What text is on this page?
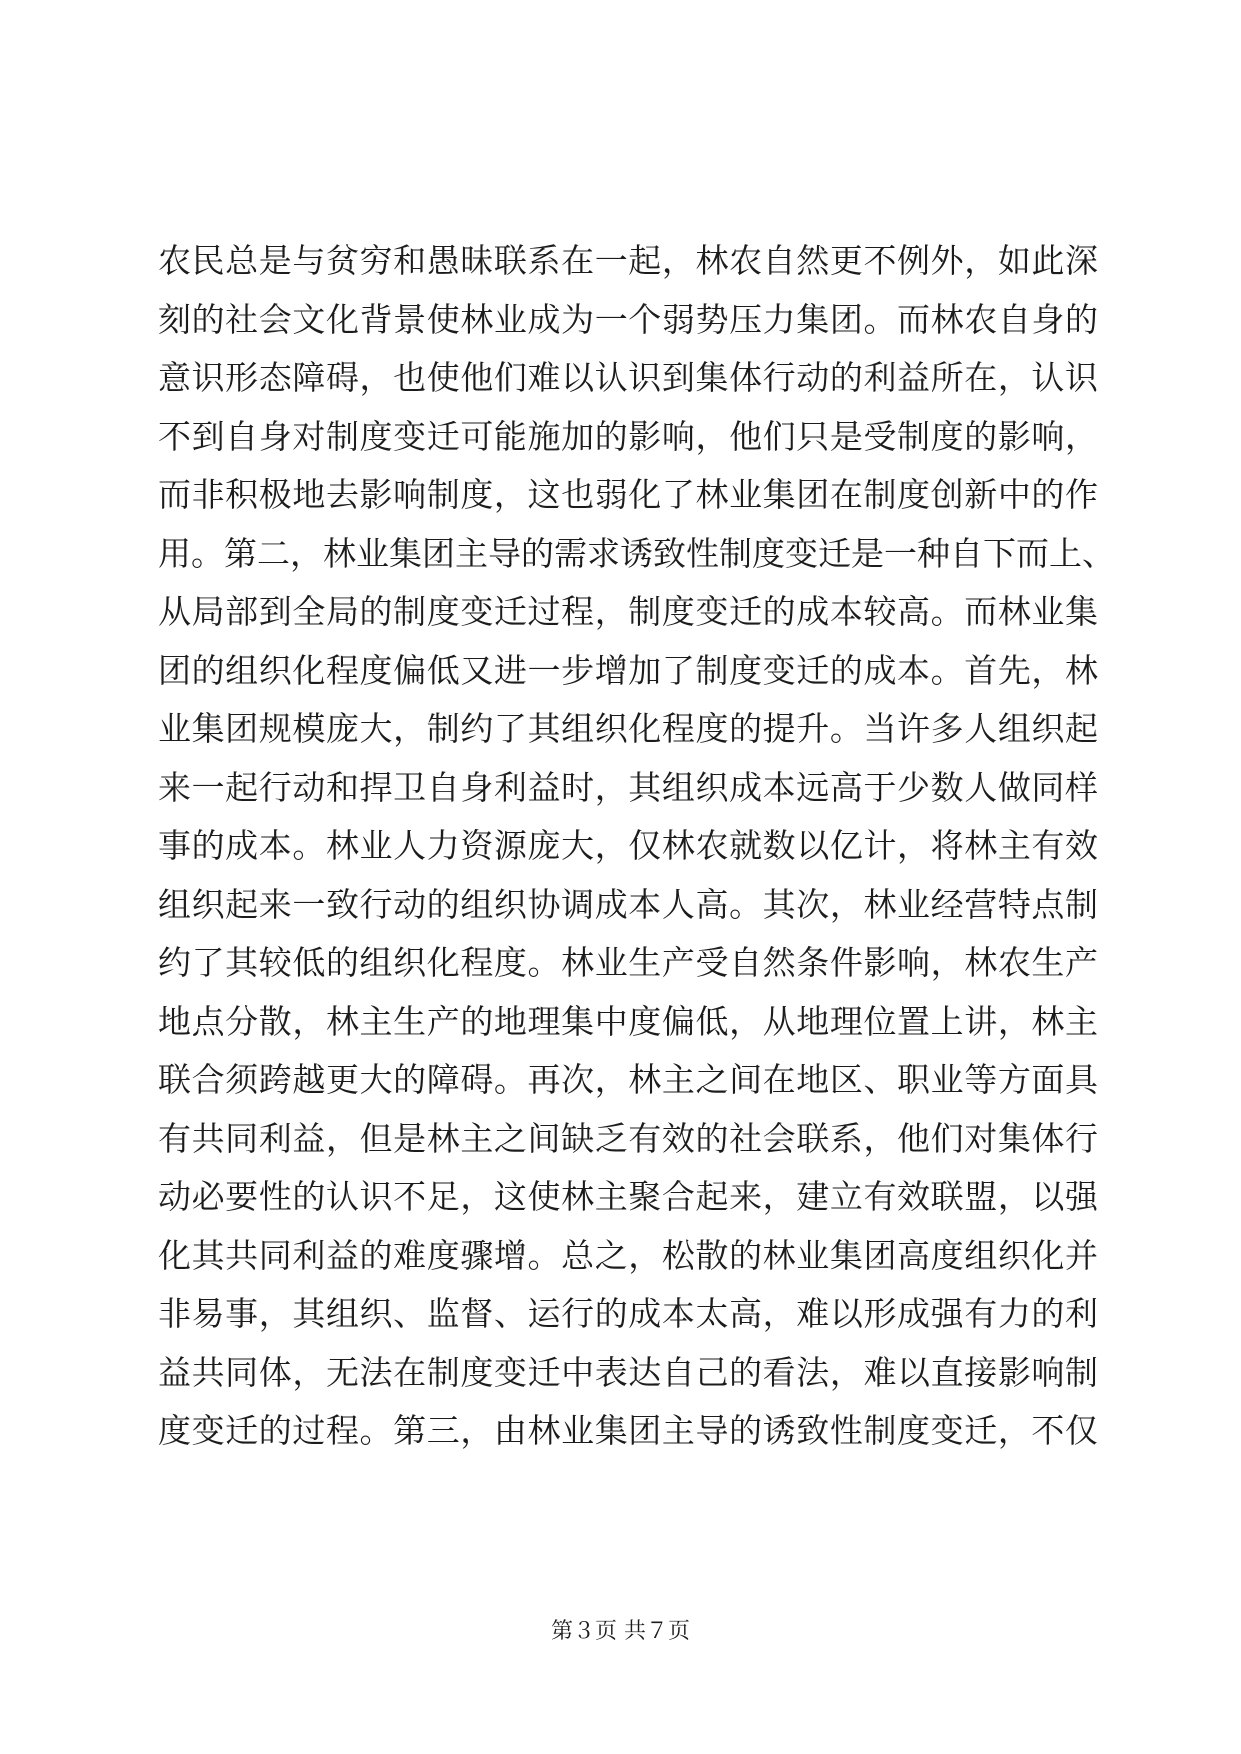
农民总是与贫穷和愚昧联系在一起，林农自然更不例外，如此深
刻的社会文化背景使林业成为一个弱势压力集团。而林农自身的
意识形态障碍，也使他们难以认识到集体行动的利益所在，认识
不到自身对制度变迁可能施加的影响，他们只是受制度的影响，
而非积极地去影响制度，这也弱化了林业集团在制度创新中的作
用。第二，林业集团主导的需求诱致性制度变迁是一种自下而上、
从局部到全局的制度变迁过程，制度变迁的成本较高。而林业集
团的组织化程度偏低又进一步增加了制度变迁的成本。首先，林
业集团规模庞大，制约了其组织化程度的提升。当许多人组织起
来一起行动和捍卫自身利益时，其组织成本远高于少数人做同样
事的成本。林业人力资源庞大，仅林农就数以亿计，将林主有效
组织起来一致行动的组织协调成本人高。其次，林业经营特点制
约了其较低的组织化程度。林业生产受自然条件影响，林农生产
地点分散，林主生产的地理集中度偏低，从地理位置上讲，林主
联合须跨越更大的障碍。再次，林主之间在地区、职业等方面具
有共同利益，但是林主之间缺乏有效的社会联系，他们对集体行
动必要性的认识不足，这使林主聚合起来，建立有效联盟，以强
化其共同利益的难度骤增。总之，松散的林业集团高度组织化并
非易事，其组织、监督、运行的成本太高，难以形成强有力的利
益共同体，无法在制度变迁中表达自己的看法，难以直接影响制
度变迁的过程。第三，由林业集团主导的诱致性制度变迁，不仅
第３页 共７页
